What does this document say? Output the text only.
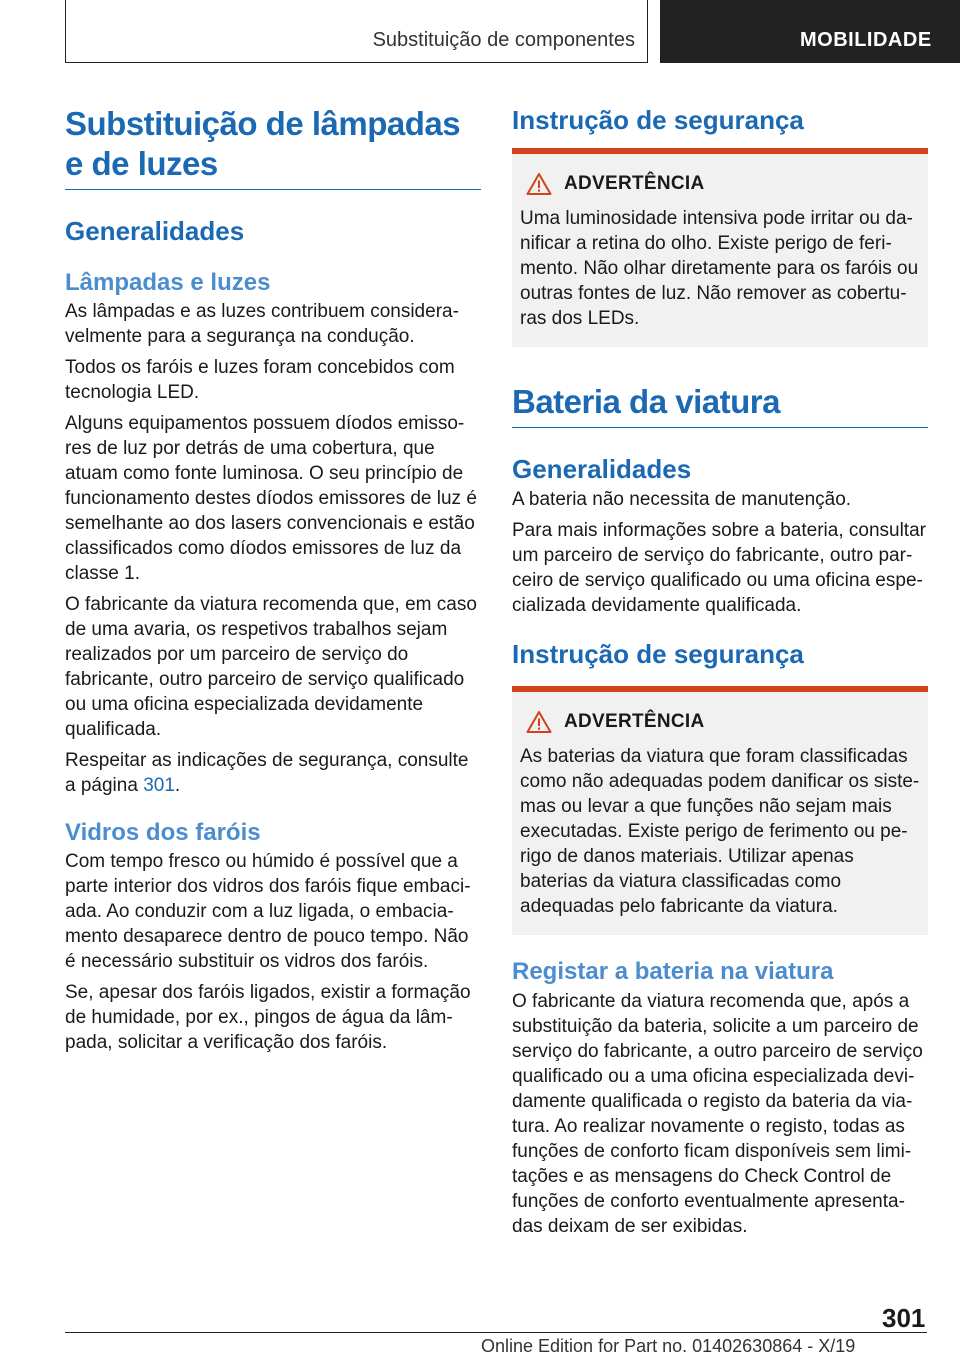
Substituição de componentes	MOBILIDADE
Substituição de lâmpadas e de luzes
Generalidades
Lâmpadas e luzes

As lâmpadas e as luzes contribuem consideravelmente para a segurança na condução.

Todos os faróis e luzes foram concebidos com tecnologia LED.

Alguns equipamentos possuem díodos emissores de luz por detrás de uma cobertura, que atuam como fonte luminosa. O seu princípio de funcionamento destes díodos emissores de luz é semelhante ao dos lasers convencionais e estão classificados como díodos emissores de luz da classe 1.

O fabricante da viatura recomenda que, em caso de uma avaria, os respetivos trabalhos sejam realizados por um parceiro de serviço do fabricante, outro parceiro de serviço qualificado ou uma oficina especializada devidamente qualificada.

Respeitar as indicações de segurança, consulte a página 301.

Vidros dos faróis

Com tempo fresco ou húmido é possível que a parte interior dos vidros dos faróis fique embaciada. Ao conduzir com a luz ligada, o embaciamento desaparece dentro de pouco tempo. Não é necessário substituir os vidros dos faróis.

Se, apesar dos faróis ligados, existir a formação de humidade, por ex., pingos de água da lâmpada, solicitar a verificação dos faróis.

Instrução de segurança
ADVERTÊNCIA

Uma luminosidade intensiva pode irritar ou danificar a retina do olho. Existe perigo de ferimento. Não olhar diretamente para os faróis ou outras fontes de luz. Não remover as coberturas dos LEDs.

Bateria da viatura
Generalidades

A bateria não necessita de manutenção.

Para mais informações sobre a bateria, consultar um parceiro de serviço do fabricante, outro parceiro de serviço qualificado ou uma oficina especializada devidamente qualificada.

Instrução de segurança
ADVERTÊNCIA

As baterias da viatura que foram classificadas como não adequadas podem danificar os sistemas ou levar a que funções não sejam mais executadas. Existe perigo de ferimento ou perigo de danos materiais. Utilizar apenas baterias da viatura classificadas como adequadas pelo fabricante da viatura.

Registar a bateria na viatura

O fabricante da viatura recomenda que, após a substituição da bateria, solicite a um parceiro de serviço do fabricante, a outro parceiro de serviço qualificado ou a uma oficina especializada devidamente qualificada o registo da bateria da viatura. Ao realizar novamente o registo, todas as funções de conforto ficam disponíveis sem limitações e as mensagens do Check Control de funções de conforto eventualmente apresentadas deixam de ser exibidas.

301
Online Edition for Part no. 01402630864 - X/19
